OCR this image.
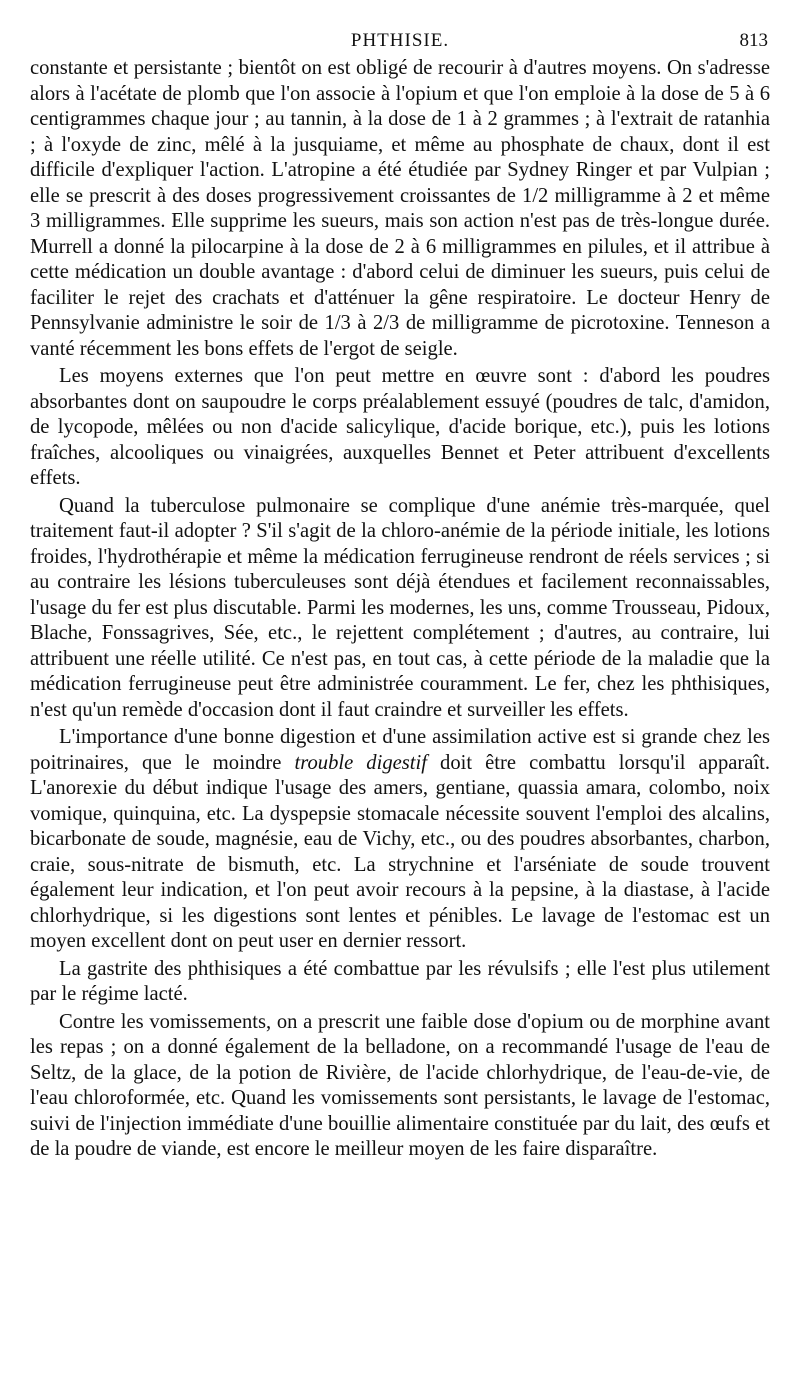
PHTHISIE.	813

constante et persistante ; bientôt on est obligé de recourir à d'autres moyens. On s'adresse alors à l'acétate de plomb que l'on associe à l'opium et que l'on emploie à la dose de 5 à 6 centigrammes chaque jour ; au tannin, à la dose de 1 à 2 grammes ; à l'extrait de ratanhia ; à l'oxyde de zinc, mêlé à la jusquiame, et même au phosphate de chaux, dont il est difficile d'expliquer l'action. L'atropine a été étudiée par Sydney Ringer et par Vulpian ; elle se prescrit à des doses progressivement croissantes de 1/2 milligramme à 2 et même 3 milligrammes. Elle supprime les sueurs, mais son action n'est pas de très-longue durée. Murrell a donné la pilocarpine à la dose de 2 à 6 milligrammes en pilules, et il attribue à cette médication un double avantage : d'abord celui de diminuer les sueurs, puis celui de faciliter le rejet des crachats et d'atténuer la gêne respiratoire. Le docteur Henry de Pennsylvanie administre le soir de 1/3 à 2/3 de milligramme de picrotoxine. Tenneson a vanté récemment les bons effets de l'ergot de seigle.

Les moyens externes que l'on peut mettre en œuvre sont : d'abord les poudres absorbantes dont on saupoudre le corps préalablement essuyé (poudres de talc, d'amidon, de lycopode, mêlées ou non d'acide salicylique, d'acide borique, etc.), puis les lotions fraîches, alcooliques ou vinaigrées, auxquelles Bennet et Peter attribuent d'excellents effets.

Quand la tuberculose pulmonaire se complique d'une anémie très-marquée, quel traitement faut-il adopter ? S'il s'agit de la chloro-anémie de la période initiale, les lotions froides, l'hydrothérapie et même la médication ferrugineuse rendront de réels services ; si au contraire les lésions tuberculeuses sont déjà étendues et facilement reconnaissables, l'usage du fer est plus discutable. Parmi les modernes, les uns, comme Trousseau, Pidoux, Blache, Fonssagrives, Sée, etc., le rejettent complétement ; d'autres, au contraire, lui attribuent une réelle utilité. Ce n'est pas, en tout cas, à cette période de la maladie que la médication ferrugineuse peut être administrée couramment. Le fer, chez les phthisiques, n'est qu'un remède d'occasion dont il faut craindre et surveiller les effets.

L'importance d'une bonne digestion et d'une assimilation active est si grande chez les poitrinaires, que le moindre trouble digestif doit être combattu lorsqu'il apparaît. L'anorexie du début indique l'usage des amers, gentiane, quassia amara, colombo, noix vomique, quinquina, etc. La dyspepsie stomacale nécessite souvent l'emploi des alcalins, bicarbonate de soude, magnésie, eau de Vichy, etc., ou des poudres absorbantes, charbon, craie, sous-nitrate de bismuth, etc. La strychnine et l'arséniate de soude trouvent également leur indication, et l'on peut avoir recours à la pepsine, à la diastase, à l'acide chlorhydrique, si les digestions sont lentes et pénibles. Le lavage de l'estomac est un moyen excellent dont on peut user en dernier ressort.

La gastrite des phthisiques a été combattue par les révulsifs ; elle l'est plus utilement par le régime lacté.

Contre les vomissements, on a prescrit une faible dose d'opium ou de morphine avant les repas ; on a donné également de la belladone, on a recommandé l'usage de l'eau de Seltz, de la glace, de la potion de Rivière, de l'acide chlorhydrique, de l'eau-de-vie, de l'eau chloroformée, etc. Quand les vomissements sont persistants, le lavage de l'estomac, suivi de l'injection immédiate d'une bouillie alimentaire constituée par du lait, des œufs et de la poudre de viande, est encore le meilleur moyen de les faire disparaître.
